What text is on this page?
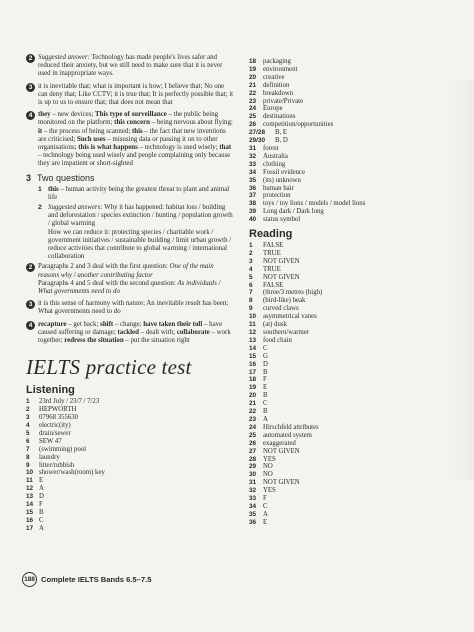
2 Suggested answer: Technology has made people's lives safer and reduced their anxiety, but we still need to make sure that it is never used in inappropriate ways.
3 it is inevitable that; what is important is how; I believe that; No one can deny that; Like CCTV; it is true that; It is perfectly possible that; it is up to us to ensure that; that does not mean that
4 they – new devices; This type of surveillance – the public being monitored on the platform; this concern – being nervous about flying; it – the process of being scanned; this – the fact that new inventions are criticised; Such uses – misusing data or passing it on to other organisations; this is what happens – technology is used wisely; that – technology being used wisely and people complaining only because they are impatient or short-sighted
3 Two questions
1 this – human activity being the greatest threat to plant and animal life
2 Suggested answers: Why it has happened: habitat loss / building and deforestation / species extinction / hunting / population growth / global warming
How we can reduce it: protecting species / charitable work / government initiatives / sustainable building / limit urban growth / reduce activities that contribute to global warming / international collaboration
2 Paragraphs 2 and 3 deal with the first question: One of the main reasons why / another contributing factor
Paragraphs 4 and 5 deal with the second question: As individuals / What governments need to do
3 it is this sense of harmony with nature; An inevitable result has been; What governments need to do
4 recapture – get back; shift – change; have taken their toll – have caused suffering or damage; tackled – dealt with; collaborate – work together; redress the situation – put the situation right
IELTS practice test
Listening
1 23rd July / 23/7 / 7/23
2 HEPWORTH
3 07968 355630
4 electric(ity)
5 drain/sewer
6 SEW 47
7 (swimming) pool
8 laundry
9 litter/rubbish
10 shower/wash(room) key
11 E
12 A
13 D
14 F
15 B
16 C
17 A
18 packaging
19 environment
20 creative
21 definition
22 breakdown
23 private/Private
24 Europe
25 destinations
26 competition/opportunities
27/28 B, E
29/30 B, D
31 forest
32 Australia
33 clothing
34 Fossil evidence
35 (its) unknown
36 human hair
37 protection
38 toys / toy lions / models / model lions
39 Long dark / Dark long
40 status symbol
Reading
1 FALSE
2 TRUE
3 NOT GIVEN
4 TRUE
5 NOT GIVEN
6 FALSE
7 (three/3 metres (high)
8 (bird-like) beak
9 curved claws
10 asymmetrical vanes
11 (at) dusk
12 southern/warmer
13 food chain
14 C
15 G
16 D
17 B
18 F
19 E
20 B
21 C
22 B
23 A
24 Hirschfeld attributes
25 automated system
26 exaggerated
27 NOT GIVEN
28 YES
29 NO
30 NO
31 NOT GIVEN
32 YES
33 F
34 C
35 A
36 E
188 Complete IELTS Bands 6.5–7.5
